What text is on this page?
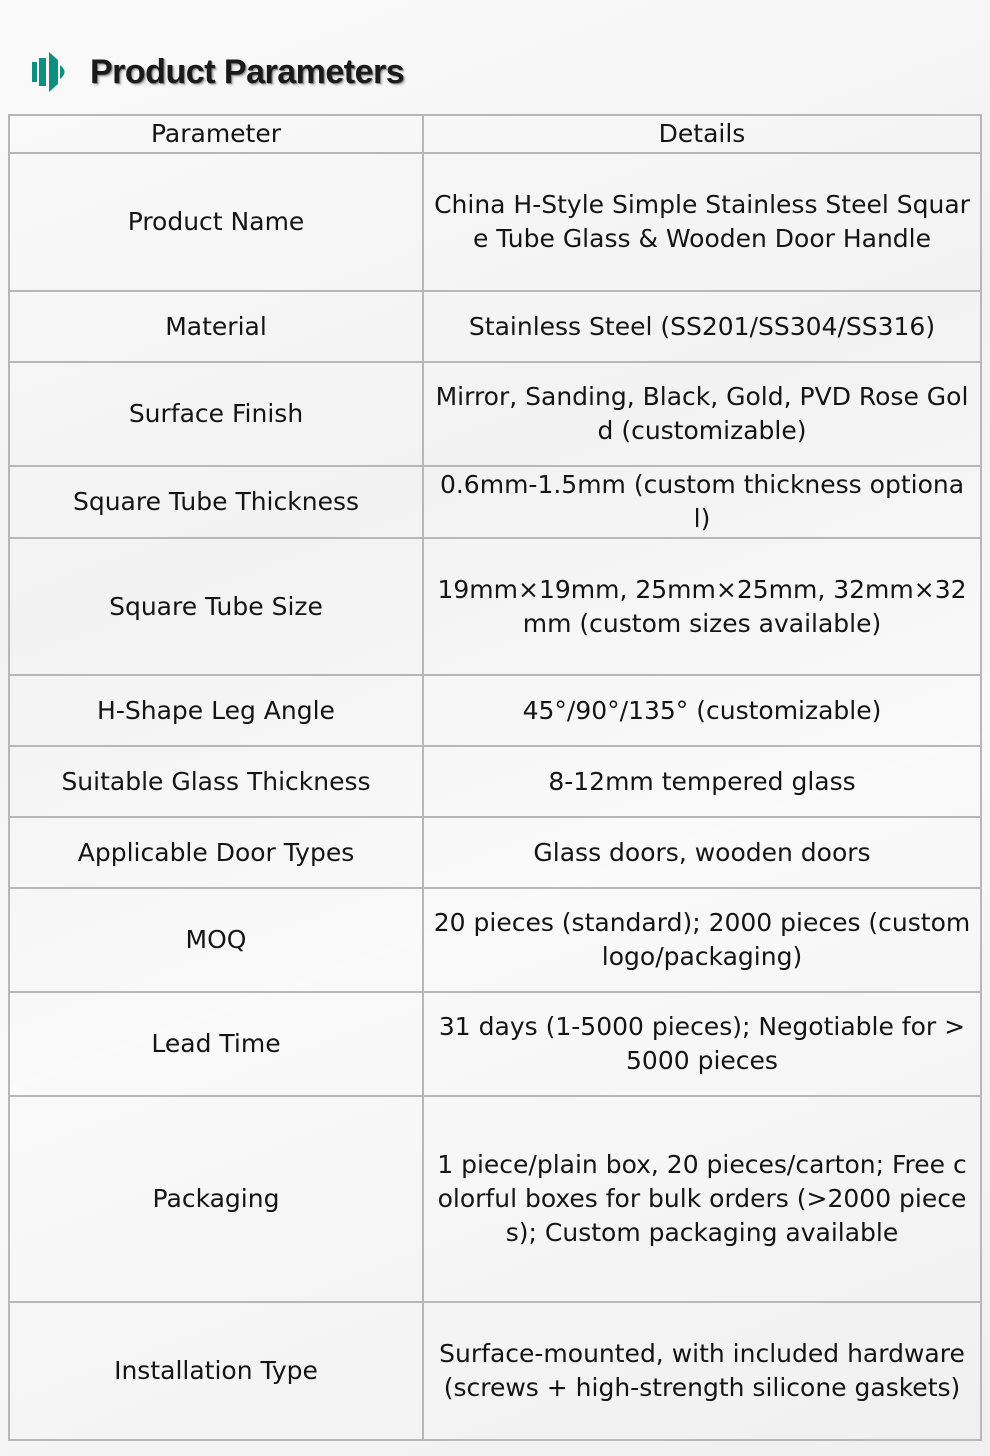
Product Parameters
Parameter	Details
Product Name	China H-Style Simple Stainless Steel Square Tube Glass & Wooden Door Handle
Material	Stainless Steel (SS201/SS304/SS316)
Surface Finish	Mirror, Sanding, Black, Gold, PVD Rose Gold (customizable)
Square Tube Thickness	0.6mm-1.5mm (custom thickness optional)
Square Tube Size	19mm×19mm, 25mm×25mm, 32mm×32mm (custom sizes available)
H-Shape Leg Angle	45°/90°/135° (customizable)
Suitable Glass Thickness	8-12mm tempered glass
Applicable Door Types	Glass doors, wooden doors
MOQ	20 pieces (standard); 2000 pieces (custom logo/packaging)
Lead Time	31 days (1-5000 pieces); Negotiable for >5000 pieces
Packaging	1 piece/plain box, 20 pieces/carton; Free colorful boxes for bulk orders (>2000 pieces); Custom packaging available
Installation Type	Surface-mounted, with included hardware (screws + high-strength silicone gaskets)
